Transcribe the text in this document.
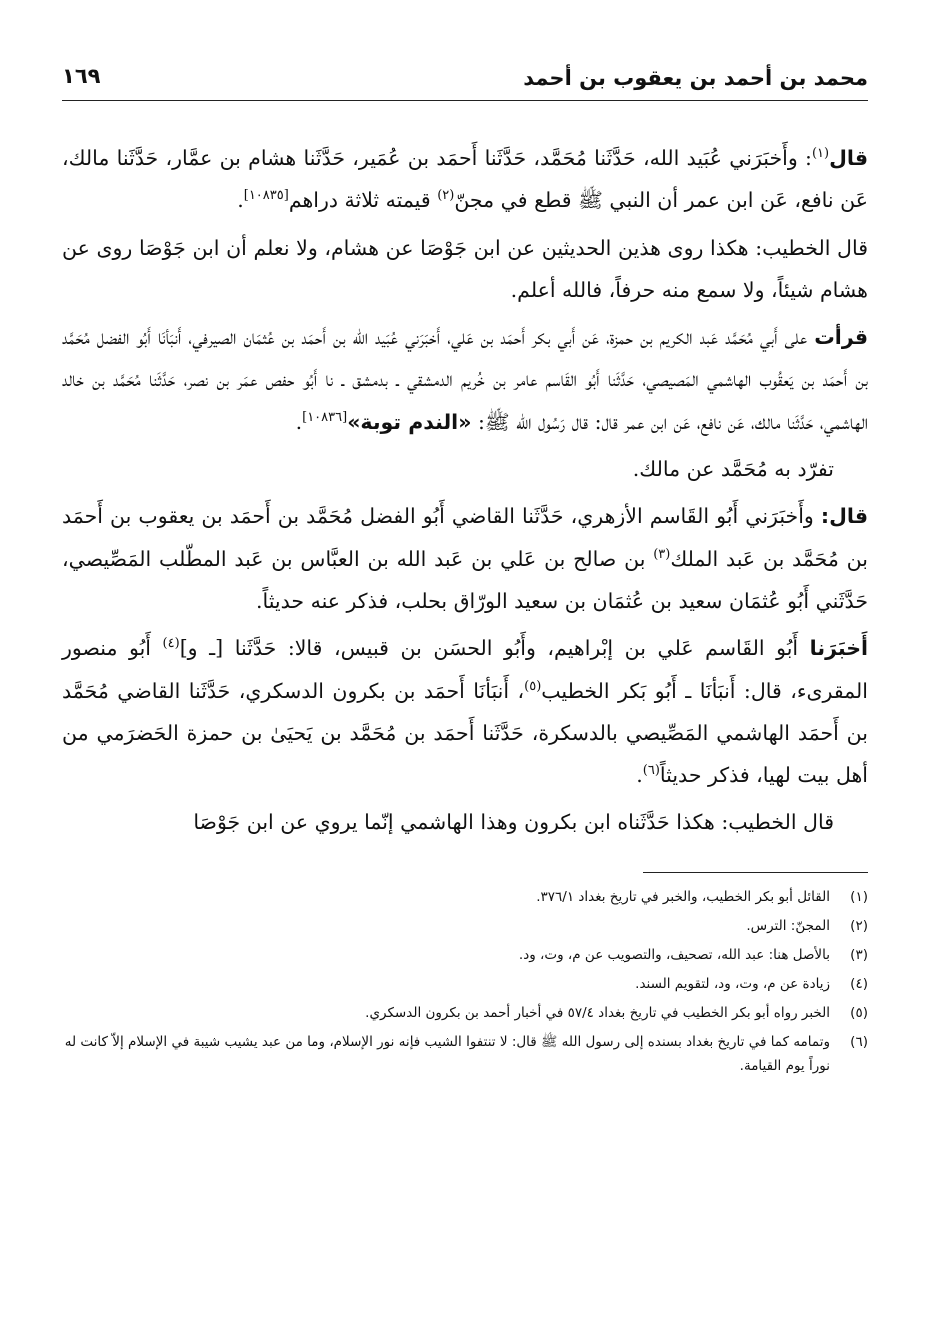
محمد بن أحمد بن يعقوب بن أحمد
١٦٩

قال$^{(١)}$: وأَخبَرَني عُبَيد الله، حَدَّثَنا مُحَمَّد، حَدَّثَنا أَحمَد بن عُمَير، حَدَّثَنا هشام بن عمَّار، حَدَّثَنا مالك، عَن نافع، عَن ابن عمر أن النبي ﷺ قطع في مجنّ$^{(٢)}$ قيمته ثلاثة دراهم[١٠٨٣٥].

قال الخطيب: هكذا روى هذين الحديثين عن ابن جَوْصَا عن هشام، ولا نعلم أن ابن جَوْصَا روى عن هشام شيئاً، ولا سمع منه حرفاً، فالله أعلم.

قرأت على أَبي مُحَمَّد عَبد الكريم بن حمزة، عَن أَبي بكر أَحمَد بن عَلي، أَخبَرَني عُبَيد الله بن أَحمَد بن عُثمَان الصيرفي، أَنبَأنَا أَبُو الفضل مُحَمَّد بن أَحمَد بن يَعقُوب الهاشمي المَصيصي، حَدَّثَنا أَبُو القَاسم عامر بن خُريم الدمشقي ـ بدمشق ـ نا أَبُو حفص عمَر بن نصر، حَدَّثَنا مُحَمَّد بن خالد الهاشمي، حَدَّثَنا مالك، عَن نافع، عَن ابن عمر قال: قال رَسُول الله ﷺ: «الندم توبة»[١٠٨٣٦].

تفرّد به مُحَمَّد عن مالك.

قال: وأَخبَرَني أَبُو القَاسم الأزهري، حَدَّثَنا القاضي أَبُو الفضل مُحَمَّد بن أَحمَد بن يعقوب بن أَحمَد بن مُحَمَّد بن عَبد الملك$^{(٣)}$ بن صالح بن عَلي بن عَبد الله بن العبَّاس بن عَبد المطّلب المَصِّيصي، حَدَّثَني أَبُو عُثمَان سعيد بن عُثمَان بن سعيد الورّاق بحلب، فذكر عنه حديثاً.

أَخبَرَنا أَبُو القَاسم عَلي بن إبْراهيم، وأَبُو الحسَن بن قبيس، قالا: حَدَّثَنا [ـ و]$^{(٤)}$ أَبُو منصور المقرىء، قال: أَنبَأنَا ـ أَبُو بَكر الخطيب$^{(٥)}$، أَنبَأنَا أَحمَد بن بكرون الدسكري، حَدَّثَنا القاضي مُحَمَّد بن أَحمَد الهاشمي المَصِّيصي بالدسكرة، حَدَّثَنا أَحمَد بن مُحَمَّد بن يَحيَىٰ بن حمزة الحَضرَمي من أهل بيت لهيا، فذكر حديثاً$^{(٦)}$.

قال الخطيب: هكذا حَدَّثَناه ابن بكرون وهذا الهاشمي إنّما يروي عن ابن جَوْصَا

(١)
القائل أبو بكر الخطيب، والخبر في تاريخ بغداد ٣٧٦/١.
(٢)
المجنّ: الترس.
(٣)
بالأصل هنا: عبد الله، تصحيف، والتصويب عن م، وت، ود.
(٤)
زيادة عن م، وت، ود، لتقويم السند.
(٥)
الخبر رواه أبو بكر الخطيب في تاريخ بغداد ٥٧/٤ في أخبار أحمد بن بكرون الدسكري.
(٦)
وتمامه كما في تاريخ بغداد بسنده إلى رسول الله ﷺ قال: لا تنتفوا الشيب فإنه نور الإسلام، وما من عبد يشيب شيبة في الإسلام إلاّ كانت له نوراً يوم القيامة.
